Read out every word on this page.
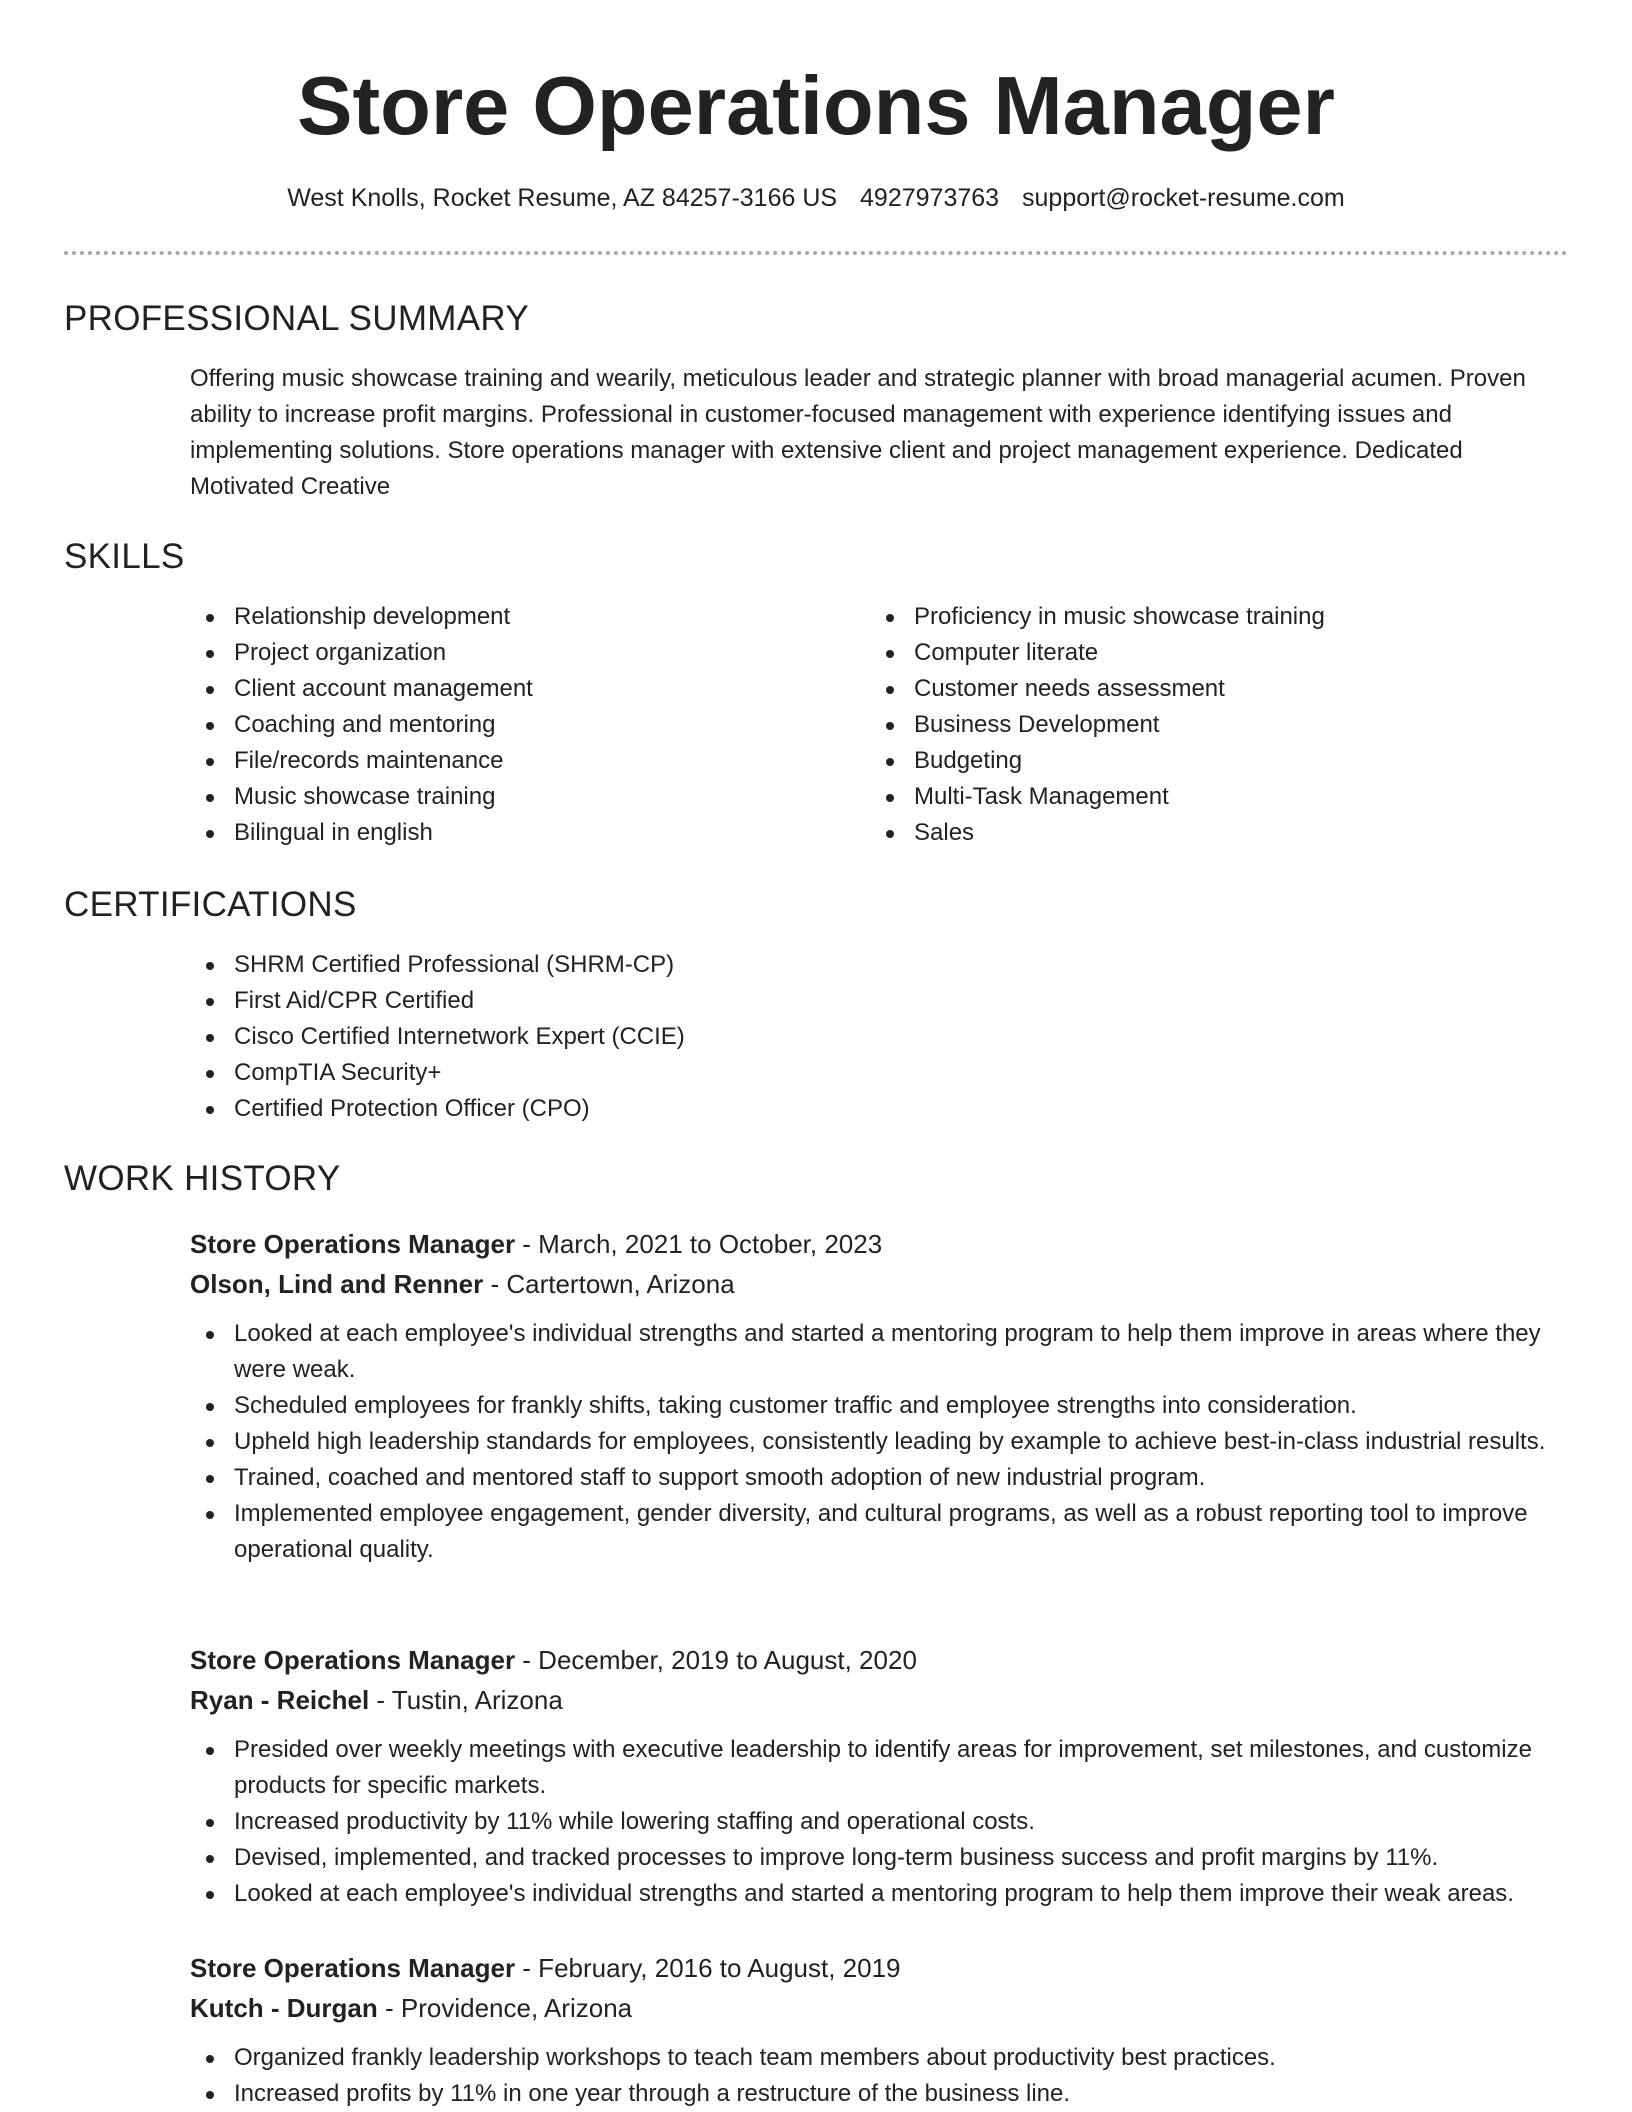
Store Operations Manager
West Knolls, Rocket Resume, AZ 84257-3166 US 4927973763 support@rocket-resume.com
PROFESSIONAL SUMMARY

Offering music showcase training and wearily, meticulous leader and strategic planner with broad managerial acumen. Proven ability to increase profit margins. Professional in customer-focused management with experience identifying issues and implementing solutions. Store operations manager with extensive client and project management experience. Dedicated Motivated Creative

SKILLS
Relationship development
Project organization
Client account management
Coaching and mentoring
File/records maintenance
Music showcase training
Bilingual in english
Proficiency in music showcase training
Computer literate
Customer needs assessment
Business Development
Budgeting
Multi-Task Management
Sales
CERTIFICATIONS
SHRM Certified Professional (SHRM-CP)
First Aid/CPR Certified
Cisco Certified Internetwork Expert (CCIE)
CompTIA Security+
Certified Protection Officer (CPO)
WORK HISTORY
Store Operations Manager - March, 2021 to October, 2023
Olson, Lind and Renner - Cartertown, Arizona
Looked at each employee's individual strengths and started a mentoring program to help them improve in areas where they were weak.
Scheduled employees for frankly shifts, taking customer traffic and employee strengths into consideration.
Upheld high leadership standards for employees, consistently leading by example to achieve best-in-class industrial results.
Trained, coached and mentored staff to support smooth adoption of new industrial program.
Implemented employee engagement, gender diversity, and cultural programs, as well as a robust reporting tool to improve operational quality.
Store Operations Manager - December, 2019 to August, 2020
Ryan - Reichel - Tustin, Arizona
Presided over weekly meetings with executive leadership to identify areas for improvement, set milestones, and customize products for specific markets.
Increased productivity by 11% while lowering staffing and operational costs.
Devised, implemented, and tracked processes to improve long-term business success and profit margins by 11%.
Looked at each employee's individual strengths and started a mentoring program to help them improve their weak areas.
Store Operations Manager - February, 2016 to August, 2019
Kutch - Durgan - Providence, Arizona
Organized frankly leadership workshops to teach team members about productivity best practices.
Increased profits by 11% in one year through a restructure of the business line.
